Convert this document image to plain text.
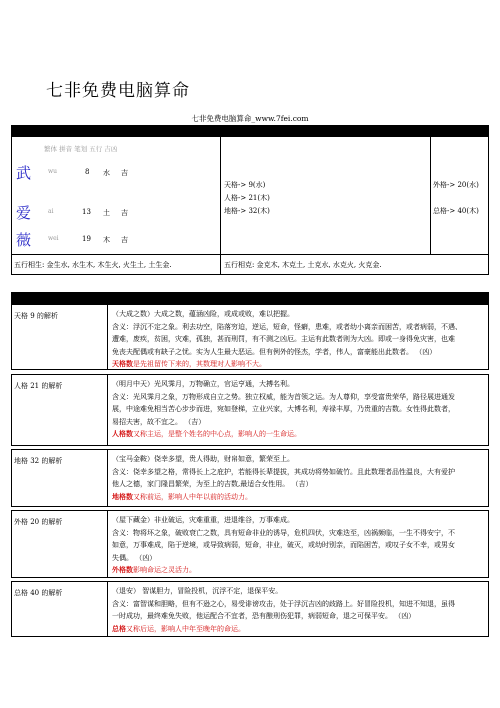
七非免费电脑算命
七非免费电脑算命_www.7fei.com
繁体 拼音 笔划 五行 吉凶
武	wu	8 水 吉
爱	ai	13 土 吉
薇	wei	19 木 吉
天格-> 9(水)
人格-> 21(木)
地格-> 32(木)
外格-> 20(水)
总格-> 40(木)
五行相生: 金生水, 水生木, 木生火, 火生土, 土生金.	五行相克: 金克木, 木克土, 土克水, 水克火, 火克金.
天格 9 的解析	（大成之数）大成之数，蕴涵凶险，或成或败，难以把握。
含义：浮沉不定之象。利去功空，陷落穷迫，逆运，短命，怪癖，患难，或者幼小离亲而困苦，或者病弱，不遇、
遭难，废疾，贫困，灾难，孤独，甚而刑罚，有不测之凶厄。主运有此数者则为大凶。即或一身得免灾害，也难
免丧夫配偶或有缺子之忧。实为人生最大恶运。但有例外的怪杰，学者，伟人，富豪能出此数者。 （凶）
天格数是先祖留传下来的，其数理对人影响不大。
人格 21 的解析	（明月中天）光风霁月，万物确立，官运亨通，大搏名利。
含义：光风霁月之象，万物形成自立之势。独立权威，能为首领之运。为人尊仰，享受富贵荣华，路径展进通发
展，中途难免相当苦心步步而进，宛如登梯，立业兴家，大博名利，寿禄丰厚，乃贵重的吉数。女性得此数者，
易招夫害，故不宜之。 （吉）
人格数又称主运，是整个姓名的中心点，影响人的一生命运。
地格 32 的解析	（宝马金鞍）侥幸多望，贵人得助，财帛如意，繁荣至上。
含义：侥幸多望之格，常得长上之庇护，若能得长辈提拔，其成功将势如破竹。且此数理者品性温良，大有爱护
他人之德，家门隆昌繁荣，为至上的吉数,最适合女性用。 （吉）
地格数又称前运，影响人中年以前的活动力。
外格 20 的解析	（屋下藏金）非业破运，灾难重重，进退维谷，万事难成。
含义：物将坏之象，破败衰亡之数，具有短命非业的诱导，危机四伏，灾难迭至，凶祸频临，一生不得安宁，不
如意，万事难成，陷于逆境，或导致病弱，短命，非业，破灭，或幼时别亲，而陷困苦，或叹子女不幸，或男女
失偶。 （凶）
外格数影响命运之灵活力。
总格 40 的解析	（退安） 智谋胆力，冒险投机，沉浮不定，退保平安。
含义：富智谋和胆略，但有不逊之心，易受诽谤攻击，处于浮沉吉凶的歧路上。好冒险投机，知进不知退，虽得
一时成功，最终难免失败，他运配合不宜者，恐有酿刑伤犯罪，病弱短命，退之可保平安。 （凶）
总格又称后运，影响人中年至晚年的命运。
